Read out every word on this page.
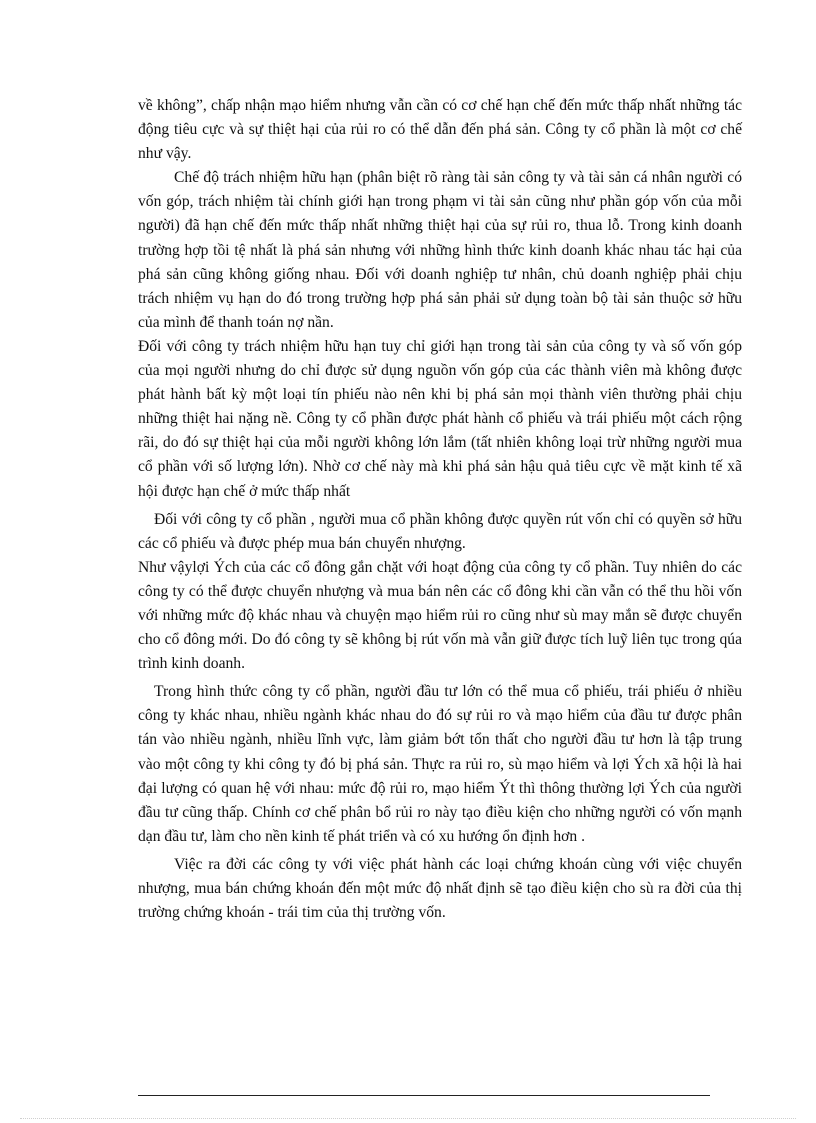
về không”, chấp nhận mạo hiểm nhưng vẫn cần có cơ chế hạn chế đến mức thấp nhất những tác động tiêu cực và sự thiệt hại của rủi ro có thể dẫn đến phá sản. Công ty cổ phần là một cơ chế như vậy.

Chế độ trách nhiệm hữu hạn (phân biệt rõ ràng tài sản công ty và tài sản cá nhân người có vốn góp, trách nhiệm tài chính giới hạn trong phạm vi tài sản cũng như phần góp vốn của mỗi người) đã hạn chế đến mức thấp nhất những thiệt hại của sự rủi ro, thua lỗ. Trong kinh doanh trường hợp tồi tệ nhất là phá sản nhưng với những hình thức kinh doanh khác nhau tác hại của phá sản cũng không giống nhau. Đối với doanh nghiệp tư nhân, chủ doanh nghiệp phải chịu trách nhiệm vụ hạn do đó trong trường hợp phá sản phải sử dụng toàn bộ tài sản thuộc sở hữu của mình để thanh toán nợ nần.

Đối với công ty trách nhiệm hữu hạn tuy chỉ giới hạn trong tài sản của công ty và số vốn góp của mọi người nhưng do chỉ được sử dụng nguồn vốn góp của các thành viên mà không được phát hành bất kỳ một loại tín phiếu nào nên khi bị phá sản mọi thành viên thường phải chịu những thiệt hai nặng nề. Công ty cổ phần được phát hành cổ phiếu và trái phiếu một cách rộng rãi, do đó sự thiệt hại của mỗi người không lớn lắm (tất nhiên không loại trừ những người mua cổ phần với số lượng lớn). Nhờ cơ chế này mà khi phá sản hậu quả tiêu cực về mặt kinh tế xã hội được hạn chế ở mức thấp nhất

Đối với công ty cổ phần , người mua cổ phần không được quyền rút vốn chỉ có quyền sở hữu các cổ phiếu và được phép mua bán chuyển nhượng.

Như vậylợi Ých của các cổ đông gắn chặt với hoạt động của công ty cổ phần. Tuy nhiên do các công ty có thể được chuyển nhượng và mua bán nên các cổ đông khi cần vẫn có thể thu hồi vốn với những mức độ khác nhau và chuyện mạo hiểm rủi ro cũng như sù may mắn sẽ được chuyển cho cổ đông mới. Do đó công ty sẽ không bị rút vốn mà vẫn giữ được tích luỹ liên tục trong qúa trình kinh doanh.

Trong hình thức công ty cổ phần, người đầu tư lớn có thể mua cổ phiếu, trái phiếu ở nhiều công ty khác nhau, nhiều ngành khác nhau do đó sự rủi ro và mạo hiểm của đầu tư được phân tán vào nhiều ngành, nhiều lĩnh vực, làm giảm bớt tổn thất cho người đầu tư hơn là tập trung vào một công ty khi công ty đó bị phá sản. Thực ra rủi ro, sù mạo hiểm và lợi Ých xã hội là hai đại lượng có quan hệ với nhau: mức độ rủi ro, mạo hiểm Ýt thì thông thường lợi Ých của người đầu tư cũng thấp. Chính cơ chế phân bổ rủi ro này tạo điều kiện cho những người có vốn mạnh dạn đầu tư, làm cho nền kinh tế phát triển và có xu hướng ổn định hơn .

Việc ra đời các công ty với việc phát hành các loại chứng khoán cùng với việc chuyển nhượng, mua bán chứng khoán đến một mức độ nhất định sẽ tạo điều kiện cho sù ra đời của thị trường chứng khoán - trái tim của thị trường vốn.
